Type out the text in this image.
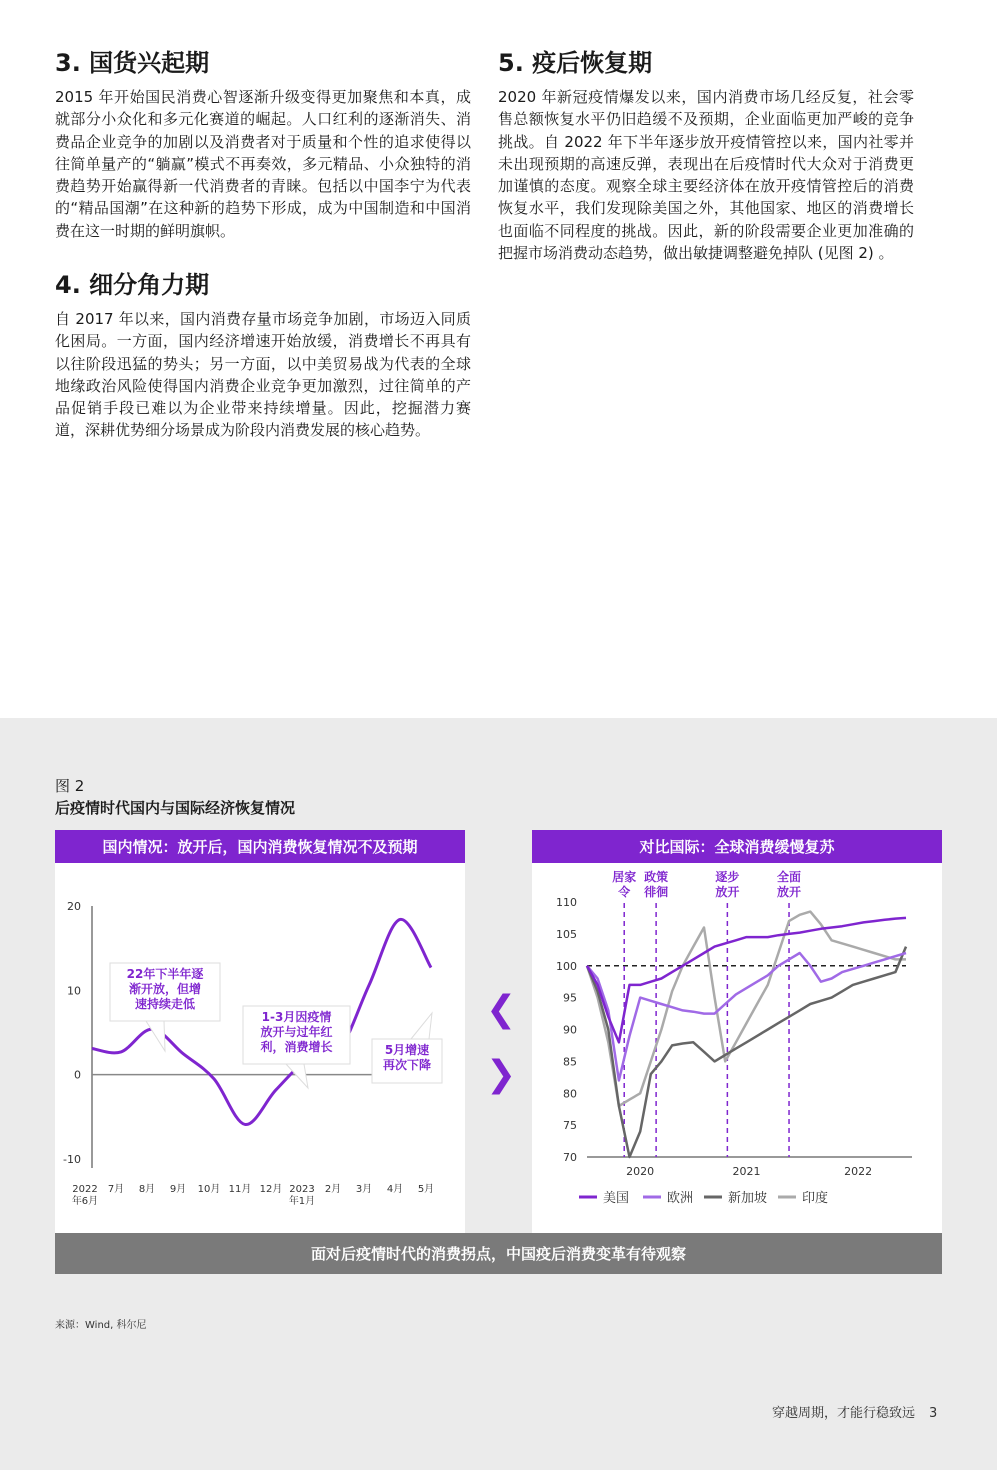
3. 国货兴起期

2015 年开始国民消费心智逐渐升级变得更加聚焦和本真，成就部分小众化和多元化赛道的崛起。人口红利的逐渐消失、消费品企业竞争的加剧以及消费者对于质量和个性的追求使得以往简单量产的“躺赢”模式不再奏效，多元精品、小众独特的消费趋势开始赢得新一代消费者的青睐。包括以中国李宁为代表的“精品国潮”在这种新的趋势下形成，成为中国制造和中国消费在这一时期的鲜明旗帜。

4. 细分角力期

自 2017 年以来，国内消费存量市场竞争加剧，市场迈入同质化困局。一方面，国内经济增速开始放缓，消费增长不再具有以往阶段迅猛的势头；另一方面，以中美贸易战为代表的全球地缘政治风险使得国内消费企业竞争更加激烈，过往简单的产品促销手段已难以为企业带来持续增量。因此，挖掘潜力赛道，深耕优势细分场景成为阶段内消费发展的核心趋势。

5. 疫后恢复期

2020 年新冠疫情爆发以来，国内消费市场几经反复，社会零售总额恢复水平仍旧趋缓不及预期，企业面临更加严峻的竞争挑战。自 2022 年下半年逐步放开疫情管控以来，国内社零并未出现预期的高速反弹，表现出在后疫情时代大众对于消费更加谨慎的态度。观察全球主要经济体在放开疫情管控后的消费恢复水平，我们发现除美国之外，其他国家、地区的消费增长也面临不同程度的挑战。因此，新的阶段需要企业更加准确的把握市场消费动态趋势，做出敏捷调整避免掉队 (见图 2) 。

图 2
后疫情时代国内与国际经济恢复情况
国内情况：放开后，国内消费恢复情况不及预期
20
10
0
-10
2022
年6月
7月 8月 9月 10月 11月 12月 2023
年1月
2月 3月 4月 5月
22年下半年逐
渐开放，但增
速持续走低
1-3月因疫情
放开与过年红
利，消费增长	5月增速
再次下降
❮
❯
对比国际：全球消费缓慢复苏
110
105
100
95
90
85
80
75
70
2020	2021	2022
居家
令
政策
徘徊
逐步
放开
全面
放开
美国	欧洲	新加坡	印度
面对后疫情时代的消费拐点，中国疫后消费变革有待观察
来源：Wind, 科尔尼
穿越周期，才能行稳致远 3
